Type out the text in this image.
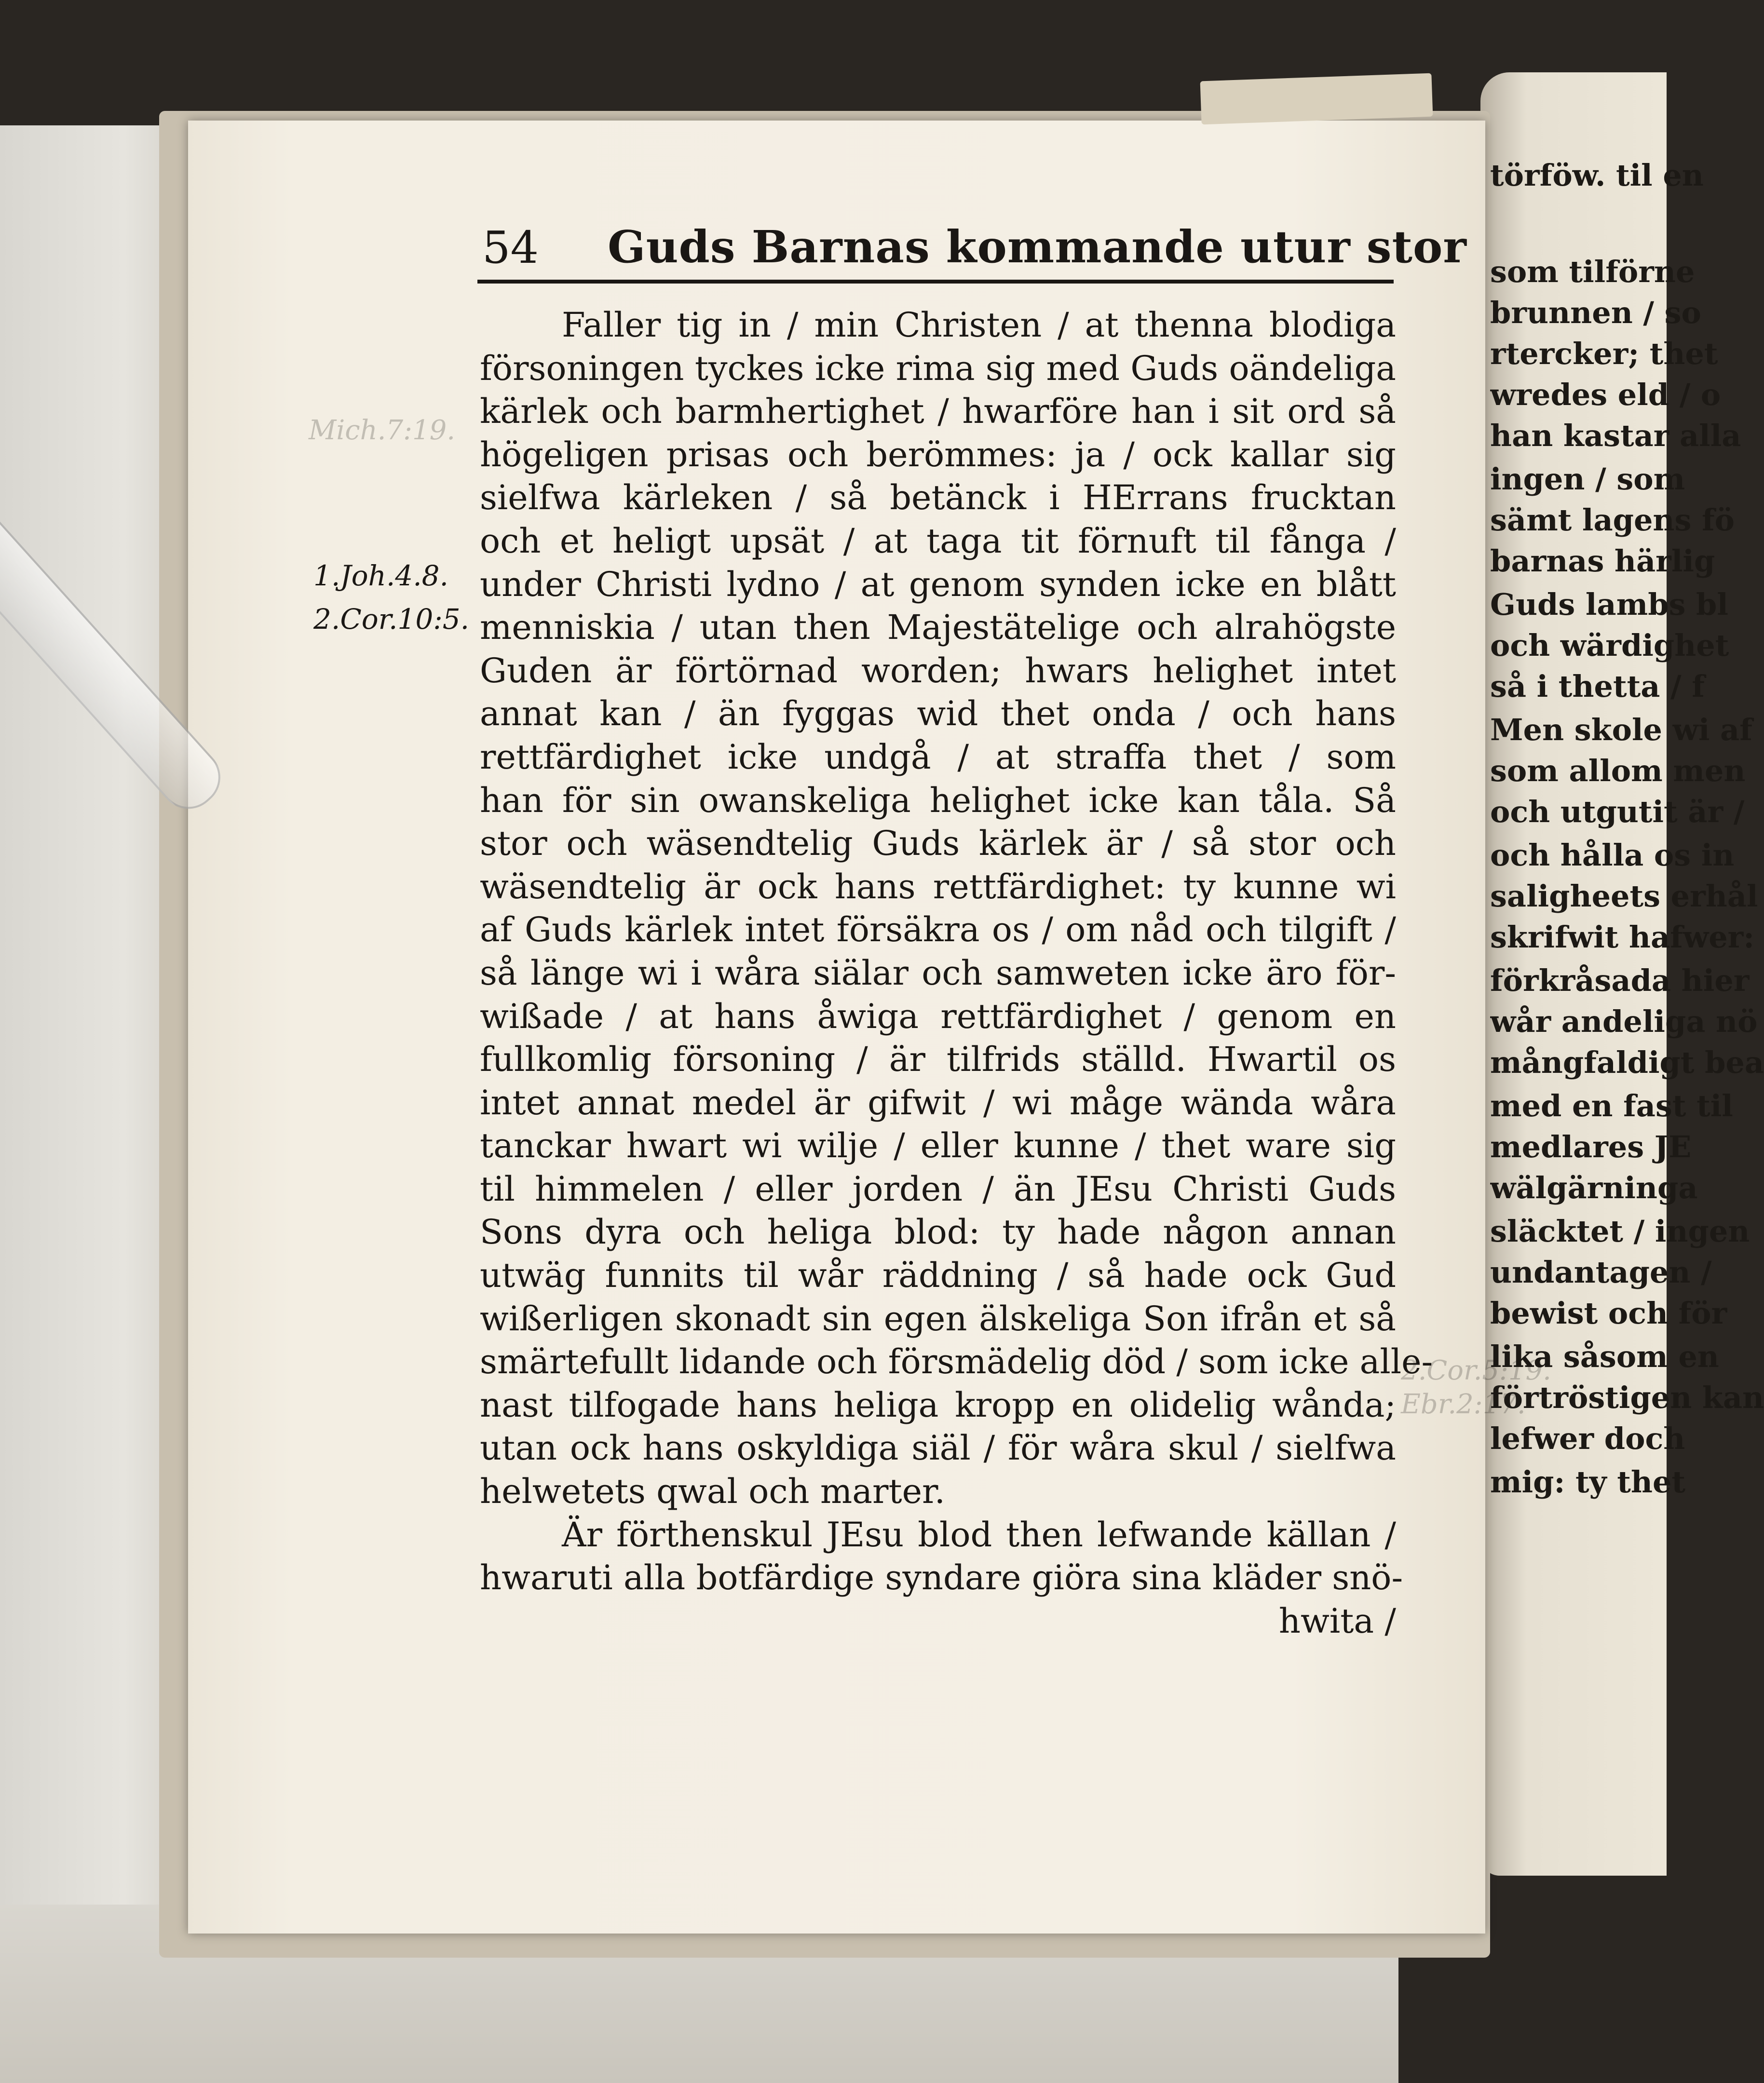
törföw. til en
som tilförne
brunnen / so
rtercker; thet
wredes eld / o
han kastar alla
ingen / som
sämt lagens fö
barnas härlig
Guds lambs bl
och wärdighet
så i thetta / f
Men skole wi af
som allom men
och utgutit är /
och hålla os in
saligheets erhål
skrifwit hafwer:
förkråsada hier
wår andeliga nö
mångfaldigt bea
med en fast til
medlares JE
wälgärninga
släcktet / ingen
undantagen /
bewist och för
lika såsom en
förtröstigen kan
lefwer doch
mig: ty thet
54 Guds Barnas kommande utur stor
Mich.7:19.
1.Joh.4.8.
2.Cor.10:5.
2.Cor.5:19.
Ebr.2:17.
Faller tig in / min Christen / at thenna blodiga
försoningen tyckes icke rima sig med Guds oändeliga
kärlek och barmhertighet / hwarföre han i sit ord så
högeligen prisas och berömmes: ja / ock kallar sig
sielfwa kärleken / så betänck i HErrans frucktan
och et heligt upsät / at taga tit förnuft til fånga /
under Christi lydno / at genom synden icke en blått
menniskia / utan then Majestätelige och alrahögste
Guden är förtörnad worden; hwars helighet intet
annat kan / än fyggas wid thet onda / och hans
rettfärdighet icke undgå / at straffa thet / som
han för sin owanskeliga helighet icke kan tåla. Så
stor och wäsendtelig Guds kärlek är / så stor och
wäsendtelig är ock hans rettfärdighet: ty kunne wi
af Guds kärlek intet försäkra os / om nåd och tilgift /
så länge wi i wåra siälar och samweten icke äro för-
wißade / at hans åwiga rettfärdighet / genom en
fullkomlig försoning / är tilfrids ställd. Hwartil os
intet annat medel är gifwit / wi måge wända wåra
tanckar hwart wi wilje / eller kunne / thet ware sig
til himmelen / eller jorden / än JEsu Christi Guds
Sons dyra och heliga blod: ty hade någon annan
utwäg funnits til wår räddning / så hade ock Gud
wißerligen skonadt sin egen älskeliga Son ifrån et så
smärtefullt lidande och försmädelig död / som icke alle-
nast tilfogade hans heliga kropp en olidelig wånda;
utan ock hans oskyldiga siäl / för wåra skul / sielfwa
helwetets qwal och marter.
Är förthenskul JEsu blod then lefwande källan /
hwaruti alla botfärdige syndare giöra sina kläder snö-
hwita /
